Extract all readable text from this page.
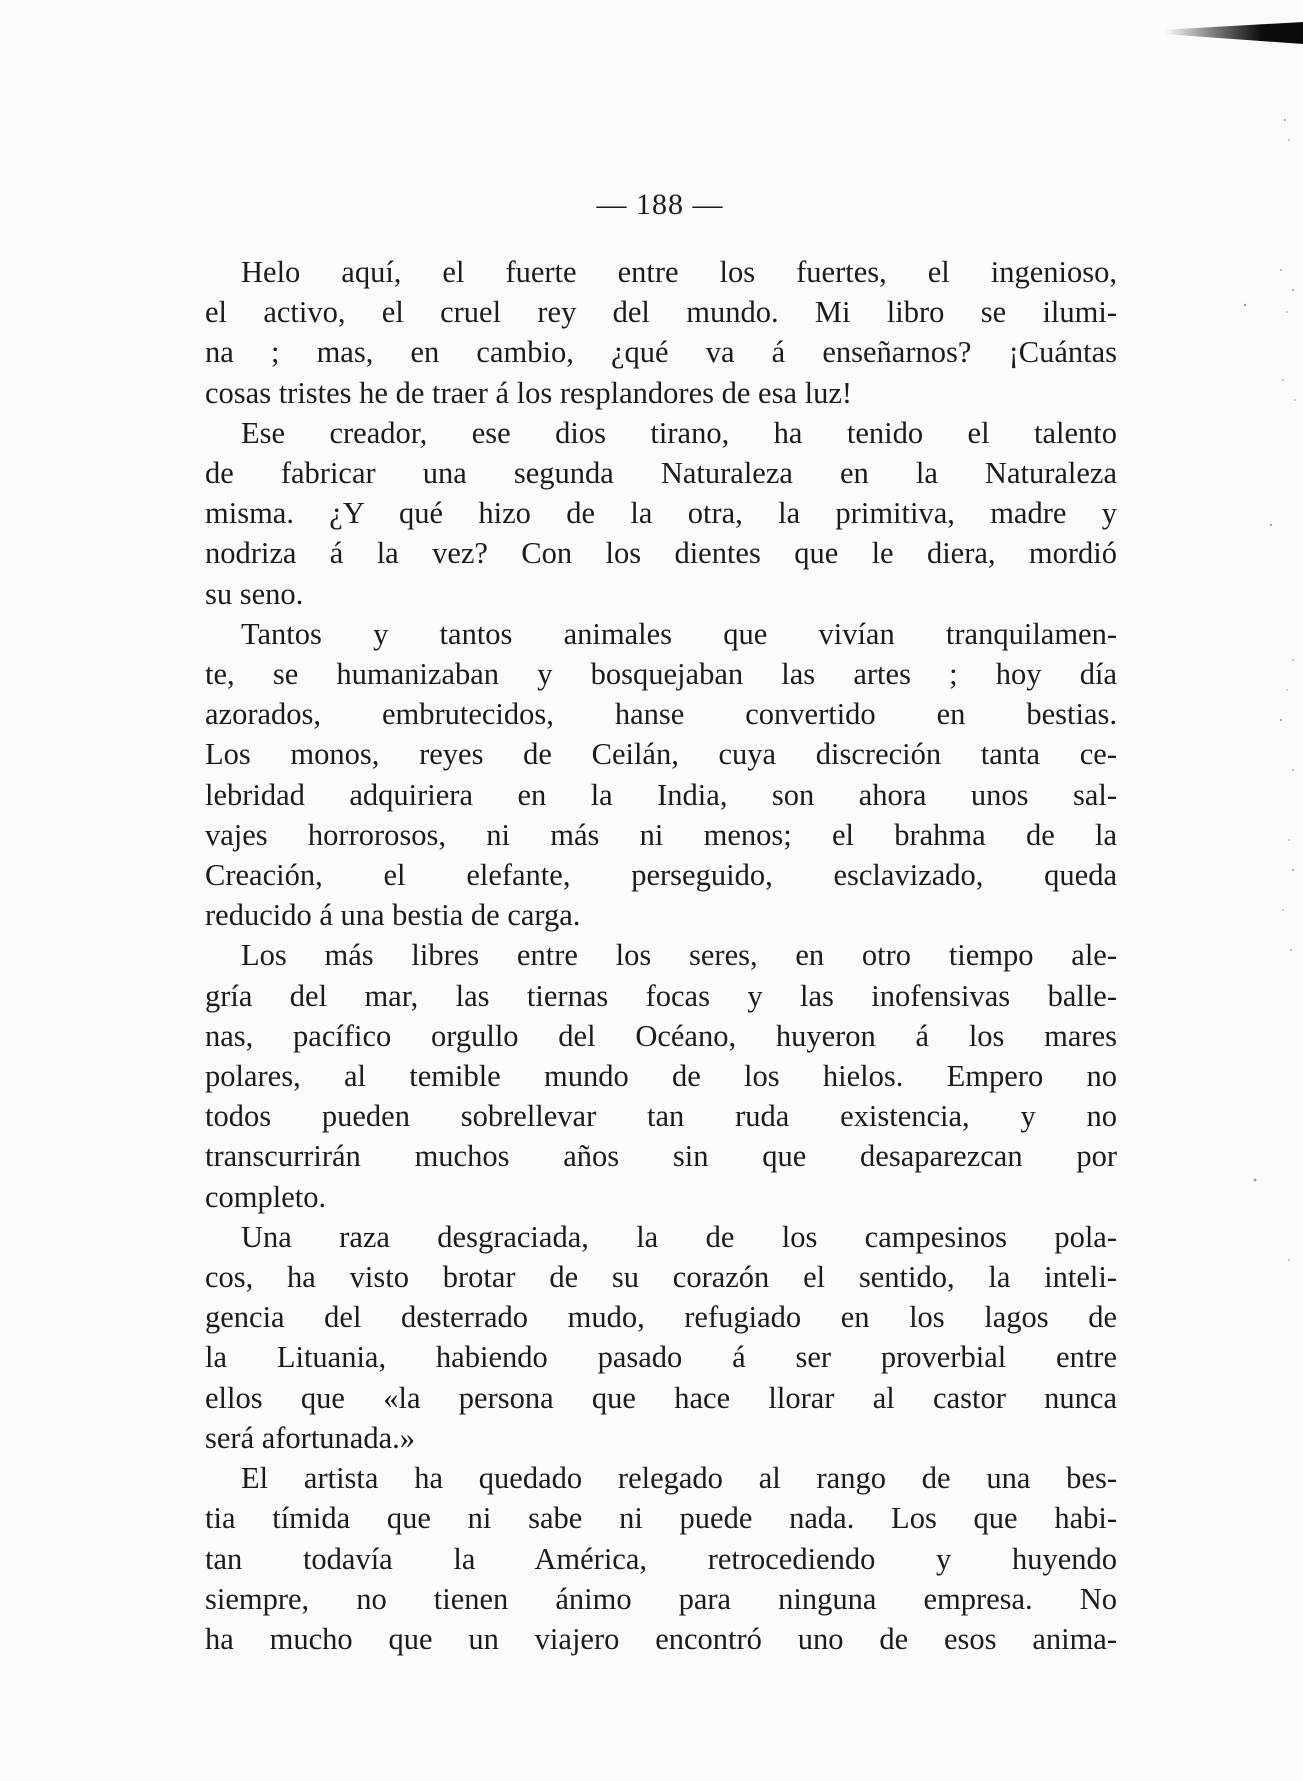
— 188 —
Helo aquí, el fuerte entre los fuertes, el ingenioso,
el activo, el cruel rey del mundo. Mi libro se ilumi-
na ; mas, en cambio, ¿qué va á enseñarnos? ¡Cuántas
cosas tristes he de traer á los resplandores de esa luz!
Ese creador, ese dios tirano, ha tenido el talento
de fabricar una segunda Naturaleza en la Naturaleza
misma. ¿Y qué hizo de la otra, la primitiva, madre y
nodriza á la vez? Con los dientes que le diera, mordió
su seno.
Tantos y tantos animales que vivían tranquilamen-
te, se humanizaban y bosquejaban las artes ; hoy día
azorados, embrutecidos, hanse convertido en bestias.
Los monos, reyes de Ceilán, cuya discreción tanta ce-
lebridad adquiriera en la India, son ahora unos sal-
vajes horrorosos, ni más ni menos; el brahma de la
Creación, el elefante, perseguido, esclavizado, queda
reducido á una bestia de carga.
Los más libres entre los seres, en otro tiempo ale-
gría del mar, las tiernas focas y las inofensivas balle-
nas, pacífico orgullo del Océano, huyeron á los mares
polares, al temible mundo de los hielos. Empero no
todos pueden sobrellevar tan ruda existencia, y no
transcurrirán muchos años sin que desaparezcan por
completo.
Una raza desgraciada, la de los campesinos pola-
cos, ha visto brotar de su corazón el sentido, la inteli-
gencia del desterrado mudo, refugiado en los lagos de
la Lituania, habiendo pasado á ser proverbial entre
ellos que «la persona que hace llorar al castor nunca
será afortunada.»
El artista ha quedado relegado al rango de una bes-
tia tímida que ni sabe ni puede nada. Los que habi-
tan todavía la América, retrocediendo y huyendo
siempre, no tienen ánimo para ninguna empresa. No
ha mucho que un viajero encontró uno de esos anima-
